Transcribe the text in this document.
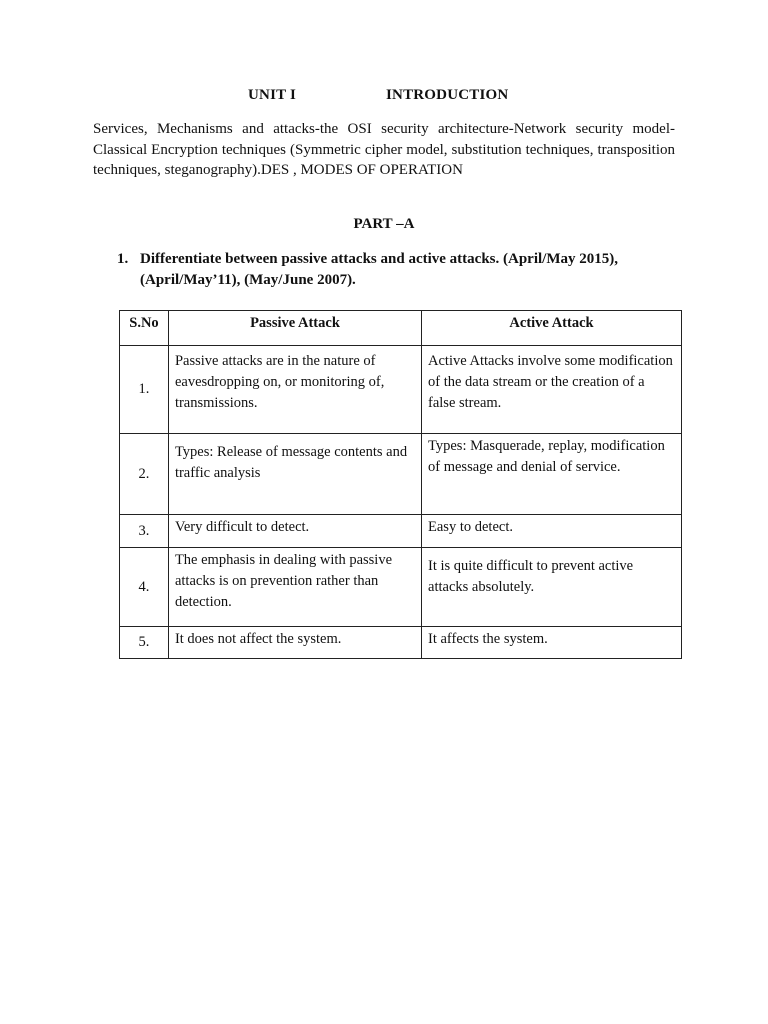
UNIT I	INTRODUCTION
Services, Mechanisms and attacks-the OSI security architecture-Network security model-Classical Encryption techniques (Symmetric cipher model, substitution techniques, transposition techniques, steganography).DES , MODES OF OPERATION
PART –A
1. Differentiate between passive attacks and active attacks. (April/May 2015), (April/May’11), (May/June 2007).
S.No	Passive Attack	Active Attack
1.	Passive attacks are in the nature of eavesdropping on, or monitoring of, transmissions.	Active Attacks involve some modification of the data stream or the creation of a false stream.
2.	Types: Release of message contents and traffic analysis	Types: Masquerade, replay, modification of message and denial of service.
3.	Very difficult to detect.	Easy to detect.
4.	The emphasis in dealing with passive attacks is on prevention rather than detection.	It is quite difficult to prevent active attacks absolutely.
5.	It does not affect the system.	It affects the system.
